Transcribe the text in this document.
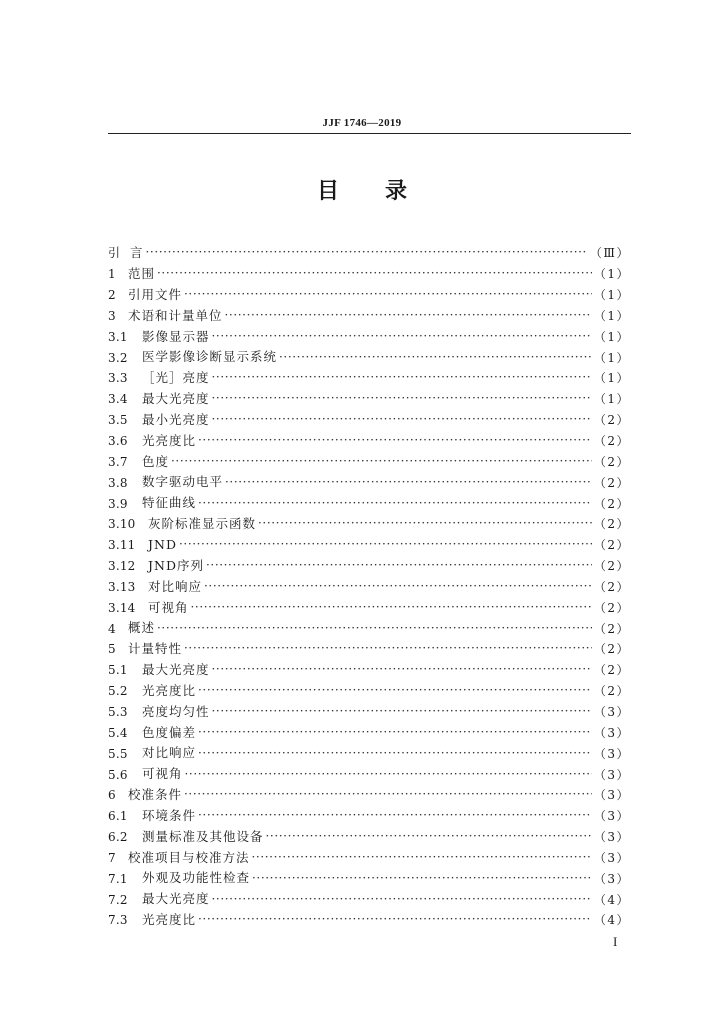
JJF 1746—2019
目 录
引 言 ·····	（Ⅲ）
1 范围 ·····	（1）
2 引用文件 ·····	（1）
3 术语和计量单位 ·····	（1）
3.1	影像显示器 ·····	（1）
3.2	医学影像诊断显示系统 ·····	（1）
3.3	［光］亮度 ·····	（1）
3.4	最大光亮度 ·····	（1）
3.5	最小光亮度 ·····	（2）
3.6	光亮度比 ·····	（2）
3.7	色度 ·····	（2）
3.8	数字驱动电平 ·····	（2）
3.9	特征曲线 ·····	（2）
3.10 灰阶标准显示函数 ·····	（2）
3.11 JND ·····	（2）
3.12 JND序列 ·····	（2）
3.13 对比响应 ·····	（2）
3.14 可视角 ·····	（2）
4 概述 ·····	（2）
5 计量特性 ·····	（2）
5.1	最大光亮度 ·····	（2）
5.2	光亮度比 ·····	（2）
5.3	亮度均匀性 ·····	（3）
5.4	色度偏差 ·····	（3）
5.5	对比响应 ·····	（3）
5.6	可视角 ·····	（3）
6 校准条件 ·····	（3）
6.1	环境条件 ·····	（3）
6.2	测量标准及其他设备 ·····	（3）
7 校准项目与校准方法 ·····	（3）
7.1	外观及功能性检查 ·····	（3）
7.2	最大光亮度 ·····	（4）
7.3	光亮度比 ·····	（4）
I
